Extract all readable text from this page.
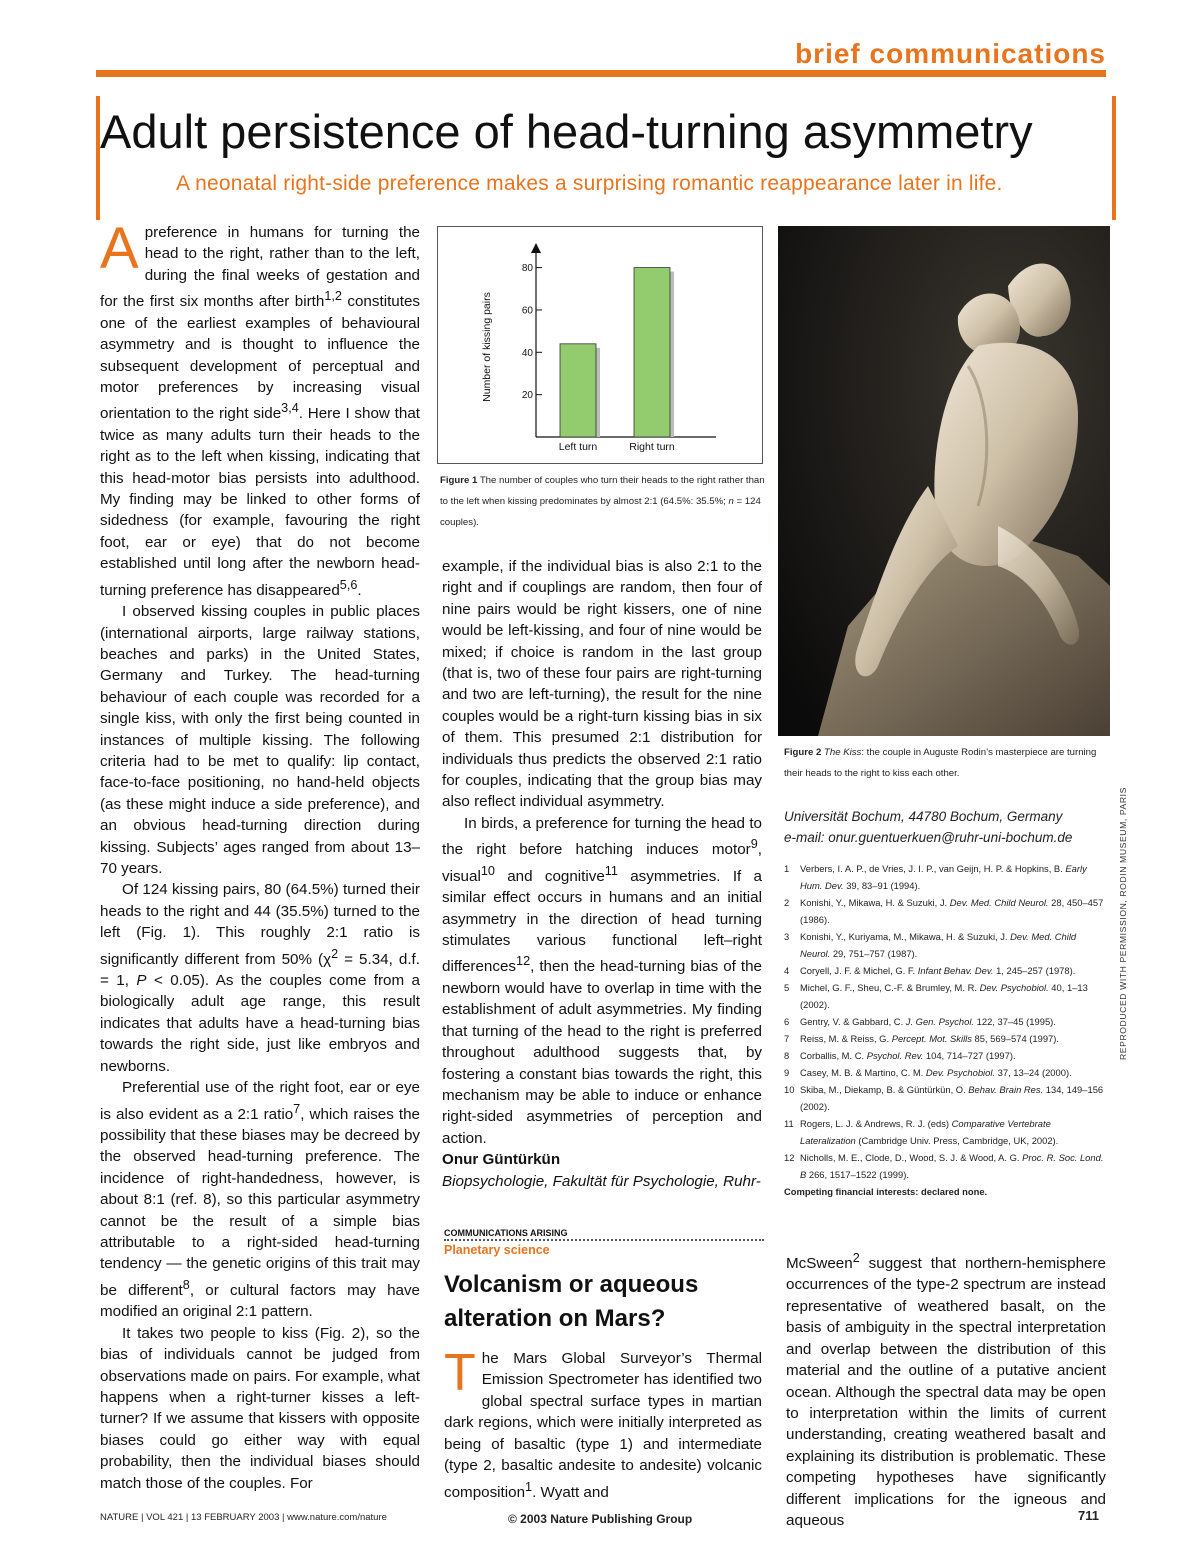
brief communications
Adult persistence of head-turning asymmetry
A neonatal right-side preference makes a surprising romantic reappearance later in life.

A preference in humans for turning the head to the right, rather than to the left, during the final weeks of gestation and for the first six months after birth$^{1,2}$ constitutes one of the earliest examples of behavioural asymmetry and is thought to influence the subsequent development of perceptual and motor preferences by increasing visual orientation to the right side$^{3,4}$. Here I show that twice as many adults turn their heads to the right as to the left when kissing, indicating that this head-motor bias persists into adulthood. My finding may be linked to other forms of sidedness (for example, favouring the right foot, ear or eye) that do not become established until long after the newborn head-turning preference has disappeared$^{5,6}$.

I observed kissing couples in public places (international airports, large railway stations, beaches and parks) in the United States, Germany and Turkey. The head-turning behaviour of each couple was recorded for a single kiss, with only the first being counted in instances of multiple kissing. The following criteria had to be met to qualify: lip contact, face-to-face positioning, no hand-held objects (as these might induce a side preference), and an obvious head-turning direction during kissing. Subjects’ ages ranged from about 13–70 years.

Of 124 kissing pairs, 80 (64.5%) turned their heads to the right and 44 (35.5%) turned to the left (Fig. 1). This roughly 2:1 ratio is significantly different from 50% ($\chi^2 = 5.34$, d.f. = 1, P < 0.05). As the couples come from a biologically adult age range, this result indicates that adults have a head-turning bias towards the right side, just like embryos and newborns.

Preferential use of the right foot, ear or eye is also evident as a 2:1 ratio$^7$, which raises the possibility that these biases may be decreed by the observed head-turning preference. The incidence of right-handedness, however, is about 8:1 (ref. 8), so this particular asymmetry cannot be the result of a simple bias attributable to a right-sided head-turning tendency — the genetic origins of this trait may be different$^8$, or cultural factors may have modified an original 2:1 pattern.

It takes two people to kiss (Fig. 2), so the bias of individuals cannot be judged from observations made on pairs. For example, what happens when a right-turner kisses a left-turner? If we assume that kissers with opposite biases could go either way with equal probability, then the individual biases should match those of the couples. For

20
40
60
80
Number of kissing pairs
Left turn	Right turn
Figure 1 The number of couples who turn their heads to the right rather than to the left when kissing predominates by almost 2:1 (64.5%: 35.5%; n = 124 couples).

example, if the individual bias is also 2:1 to the right and if couplings are random, then four of nine pairs would be right kissers, one of nine would be left-kissing, and four of nine would be mixed; if choice is random in the last group (that is, two of these four pairs are right-turning and two are left-turning), the result for the nine couples would be a right-turn kissing bias in six of them. This presumed 2:1 distribution for individuals thus predicts the observed 2:1 ratio for couples, indicating that the group bias may also reflect individual asymmetry.

In birds, a preference for turning the head to the right before hatching induces motor$^9$, visual$^{10}$ and cognitive$^{11}$ asymmetries. If a similar effect occurs in humans and an initial asymmetry in the direction of head turning stimulates various functional left–right differences$^{12}$, then the head-turning bias of the newborn would have to overlap in time with the establishment of adult asymmetries. My finding that turning of the head to the right is preferred throughout adulthood suggests that, by fostering a constant bias towards the right, this mechanism may be able to induce or enhance right-sided asymmetries of perception and action.

Onur Güntürkün

Biopsychologie, Fakultät für Psychologie, Ruhr-

REPRODUCED WITH PERMISSION, RODIN MUSEUM, PARIS
Figure 2 The Kiss: the couple in Auguste Rodin’s masterpiece are turning their heads to the right to kiss each other.
Universität Bochum, 44780 Bochum, Germany
e-mail: onur.guentuerkuen@ruhr-uni-bochum.de
1	Verbers, I. A. P., de Vries, J. I. P., van Geijn, H. P. & Hopkins, B. Early Hum. Dev. 39, 83–91 (1994).
2	Konishi, Y., Mikawa, H. & Suzuki, J. Dev. Med. Child Neurol. 28, 450–457 (1986).
3	Konishi, Y., Kuriyama, M., Mikawa, H. & Suzuki, J. Dev. Med. Child Neurol. 29, 751–757 (1987).
4	Coryell, J. F. & Michel, G. F. Infant Behav. Dev. 1, 245–257 (1978).
5	Michel, G. F., Sheu, C.-F. & Brumley, M. R. Dev. Psychobiol. 40, 1–13 (2002).
6	Gentry, V. & Gabbard, C. J. Gen. Psychol. 122, 37–45 (1995).
7	Reiss, M. & Reiss, G. Percept. Mot. Skills 85, 569–574 (1997).
8	Corballis, M. C. Psychol. Rev. 104, 714–727 (1997).
9	Casey, M. B. & Martino, C. M. Dev. Psychobiol. 37, 13–24 (2000).
10 Skiba, M., Diekamp, B. & Güntürkün, O. Behav. Brain Res. 134, 149–156 (2002).
11 Rogers, L. J. & Andrews, R. J. (eds) Comparative Vertebrate Lateralization (Cambridge Univ. Press, Cambridge, UK, 2002).
12 Nicholls, M. E., Clode, D., Wood, S. J. & Wood, A. G. Proc. R. Soc. Lond. B 266, 1517–1522 (1999).
Competing financial interests: declared none.
COMMUNICATIONS ARISING
Planetary science
Volcanism or aqueous
alteration on Mars?

The Mars Global Surveyor’s Thermal Emission Spectrometer has identified two global spectral surface types in martian dark regions, which were initially interpreted as being of basaltic (type 1) and intermediate (type 2, basaltic andesite to andesite) volcanic composition$^1$. Wyatt and

McSween$^2$ suggest that northern-hemisphere occurrences of the type-2 spectrum are instead representative of weathered basalt, on the basis of ambiguity in the spectral interpretation and overlap between the distribution of this material and the outline of a putative ancient ocean. Although the spectral data may be open to interpretation within the limits of current understanding, creating weathered basalt and explaining its distribution is problematic. These competing hypotheses have significantly different implications for the igneous and aqueous

NATURE | VOL 421 | 13 FEBRUARY 2003 | www.nature.com/nature	© 2003 Nature Publishing Group	711
